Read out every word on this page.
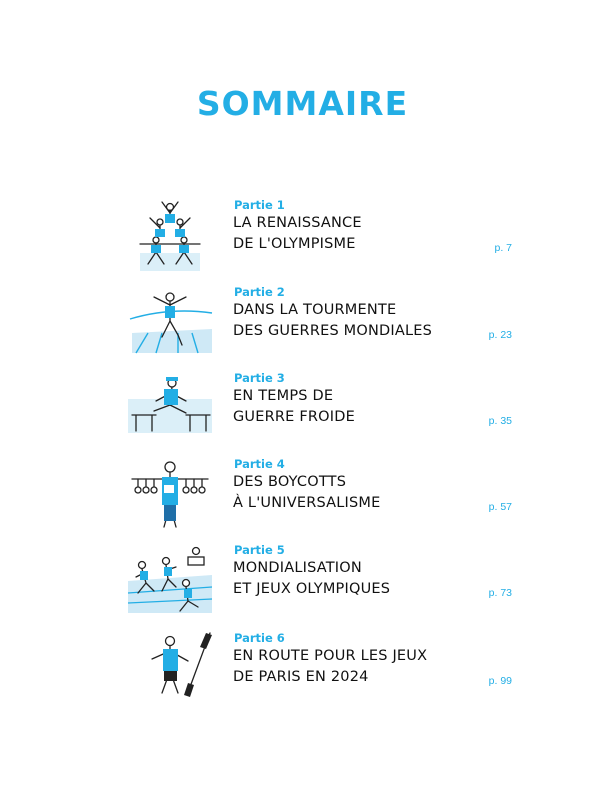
SOMMAIRE
Partie 1
LA RENAISSANCE
DE L'OLYMPISME	p. 7
Partie 2
DANS LA TOURMENTE
DES GUERRES MONDIALES	p. 23
Partie 3
EN TEMPS DE
GUERRE FROIDE	p. 35
Partie 4
DES BOYCOTTS
À L'UNIVERSALISME	p. 57
Partie 5
MONDIALISATION
ET JEUX OLYMPIQUES	p. 73
Partie 6
EN ROUTE POUR LES JEUX
DE PARIS EN 2024	p. 99
